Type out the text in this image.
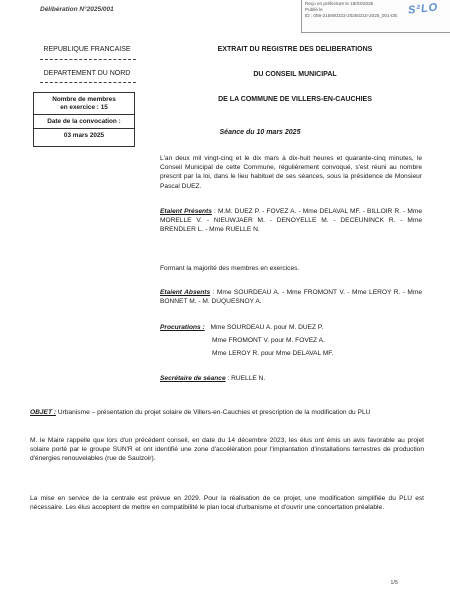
Reçu en préfecture le 18/03/2025
Publié le
ID : 059-215900223-20250310-2025_001-DE S²LO
Délibération N°2025/001
REPUBLIQUE FRANCAISE
DEPARTEMENT DU NORD
EXTRAIT DU REGISTRE DES DELIBERATIONS
DU CONSEIL MUNICIPAL
DE LA COMMUNE DE VILLERS-EN-CAUCHIES
Nombre de membres
en exercice : 15
Date de la convocation :
03 mars 2025	Séance du 10 mars 2025
L'an deux mil vingt-cinq et le dix mars à dix-huit heures et quarante-cinq minutes, le Conseil Municipal de cette Commune, régulièrement convoqué, s'est réuni au nombre prescrit par la loi, dans le lieu habituel de ses séances, sous la présidence de Monsieur Pascal DUEZ.
Etaient Présents : M.M. DUEZ P. - FOVEZ A. - Mme DELAVAL MF. - BILLOIR R. - Mme MORELLE V. - NIEUWJAER M. - DENOYELLE M. - DECEUNINCK R. - Mme BRENDLER L. - Mme RUELLE N.
Formant la majorité des membres en exercices.
Etaient Absents : Mme SOURDEAU A. - Mme FROMONT V. - Mme LEROY R. - Mme BONNET M. - M. DUQUESNOY A.
Procurations : Mme SOURDEAU A. pour M. DUEZ P.
Mme FROMONT V. pour M. FOVEZ A.
Mme LEROY R. pour Mme DELAVAL MF.
Secrétaire de séance : RUELLE N.
OBJET : Urbanisme – présentation du projet solaire de Villers-en-Cauchies et prescription de la modification du PLU
M. le Maire rappelle que lors d'un précédent conseil, en date du 14 décembre 2023, les élus ont émis un avis favorable au projet solaire porté par le groupe SUN'R et ont identifié une zone d'accélération pour l'implantation d'installations terrestres de production d'énergies renouvelables (rue de Saulzoir).
La mise en service de la centrale est prévue en 2029. Pour la réalisation de ce projet, une modification simplifiée du PLU est nécessaire. Les élus acceptent de mettre en compatibilité le plan local d'urbanisme et d'ouvrir une concertation préalable.
1/5
